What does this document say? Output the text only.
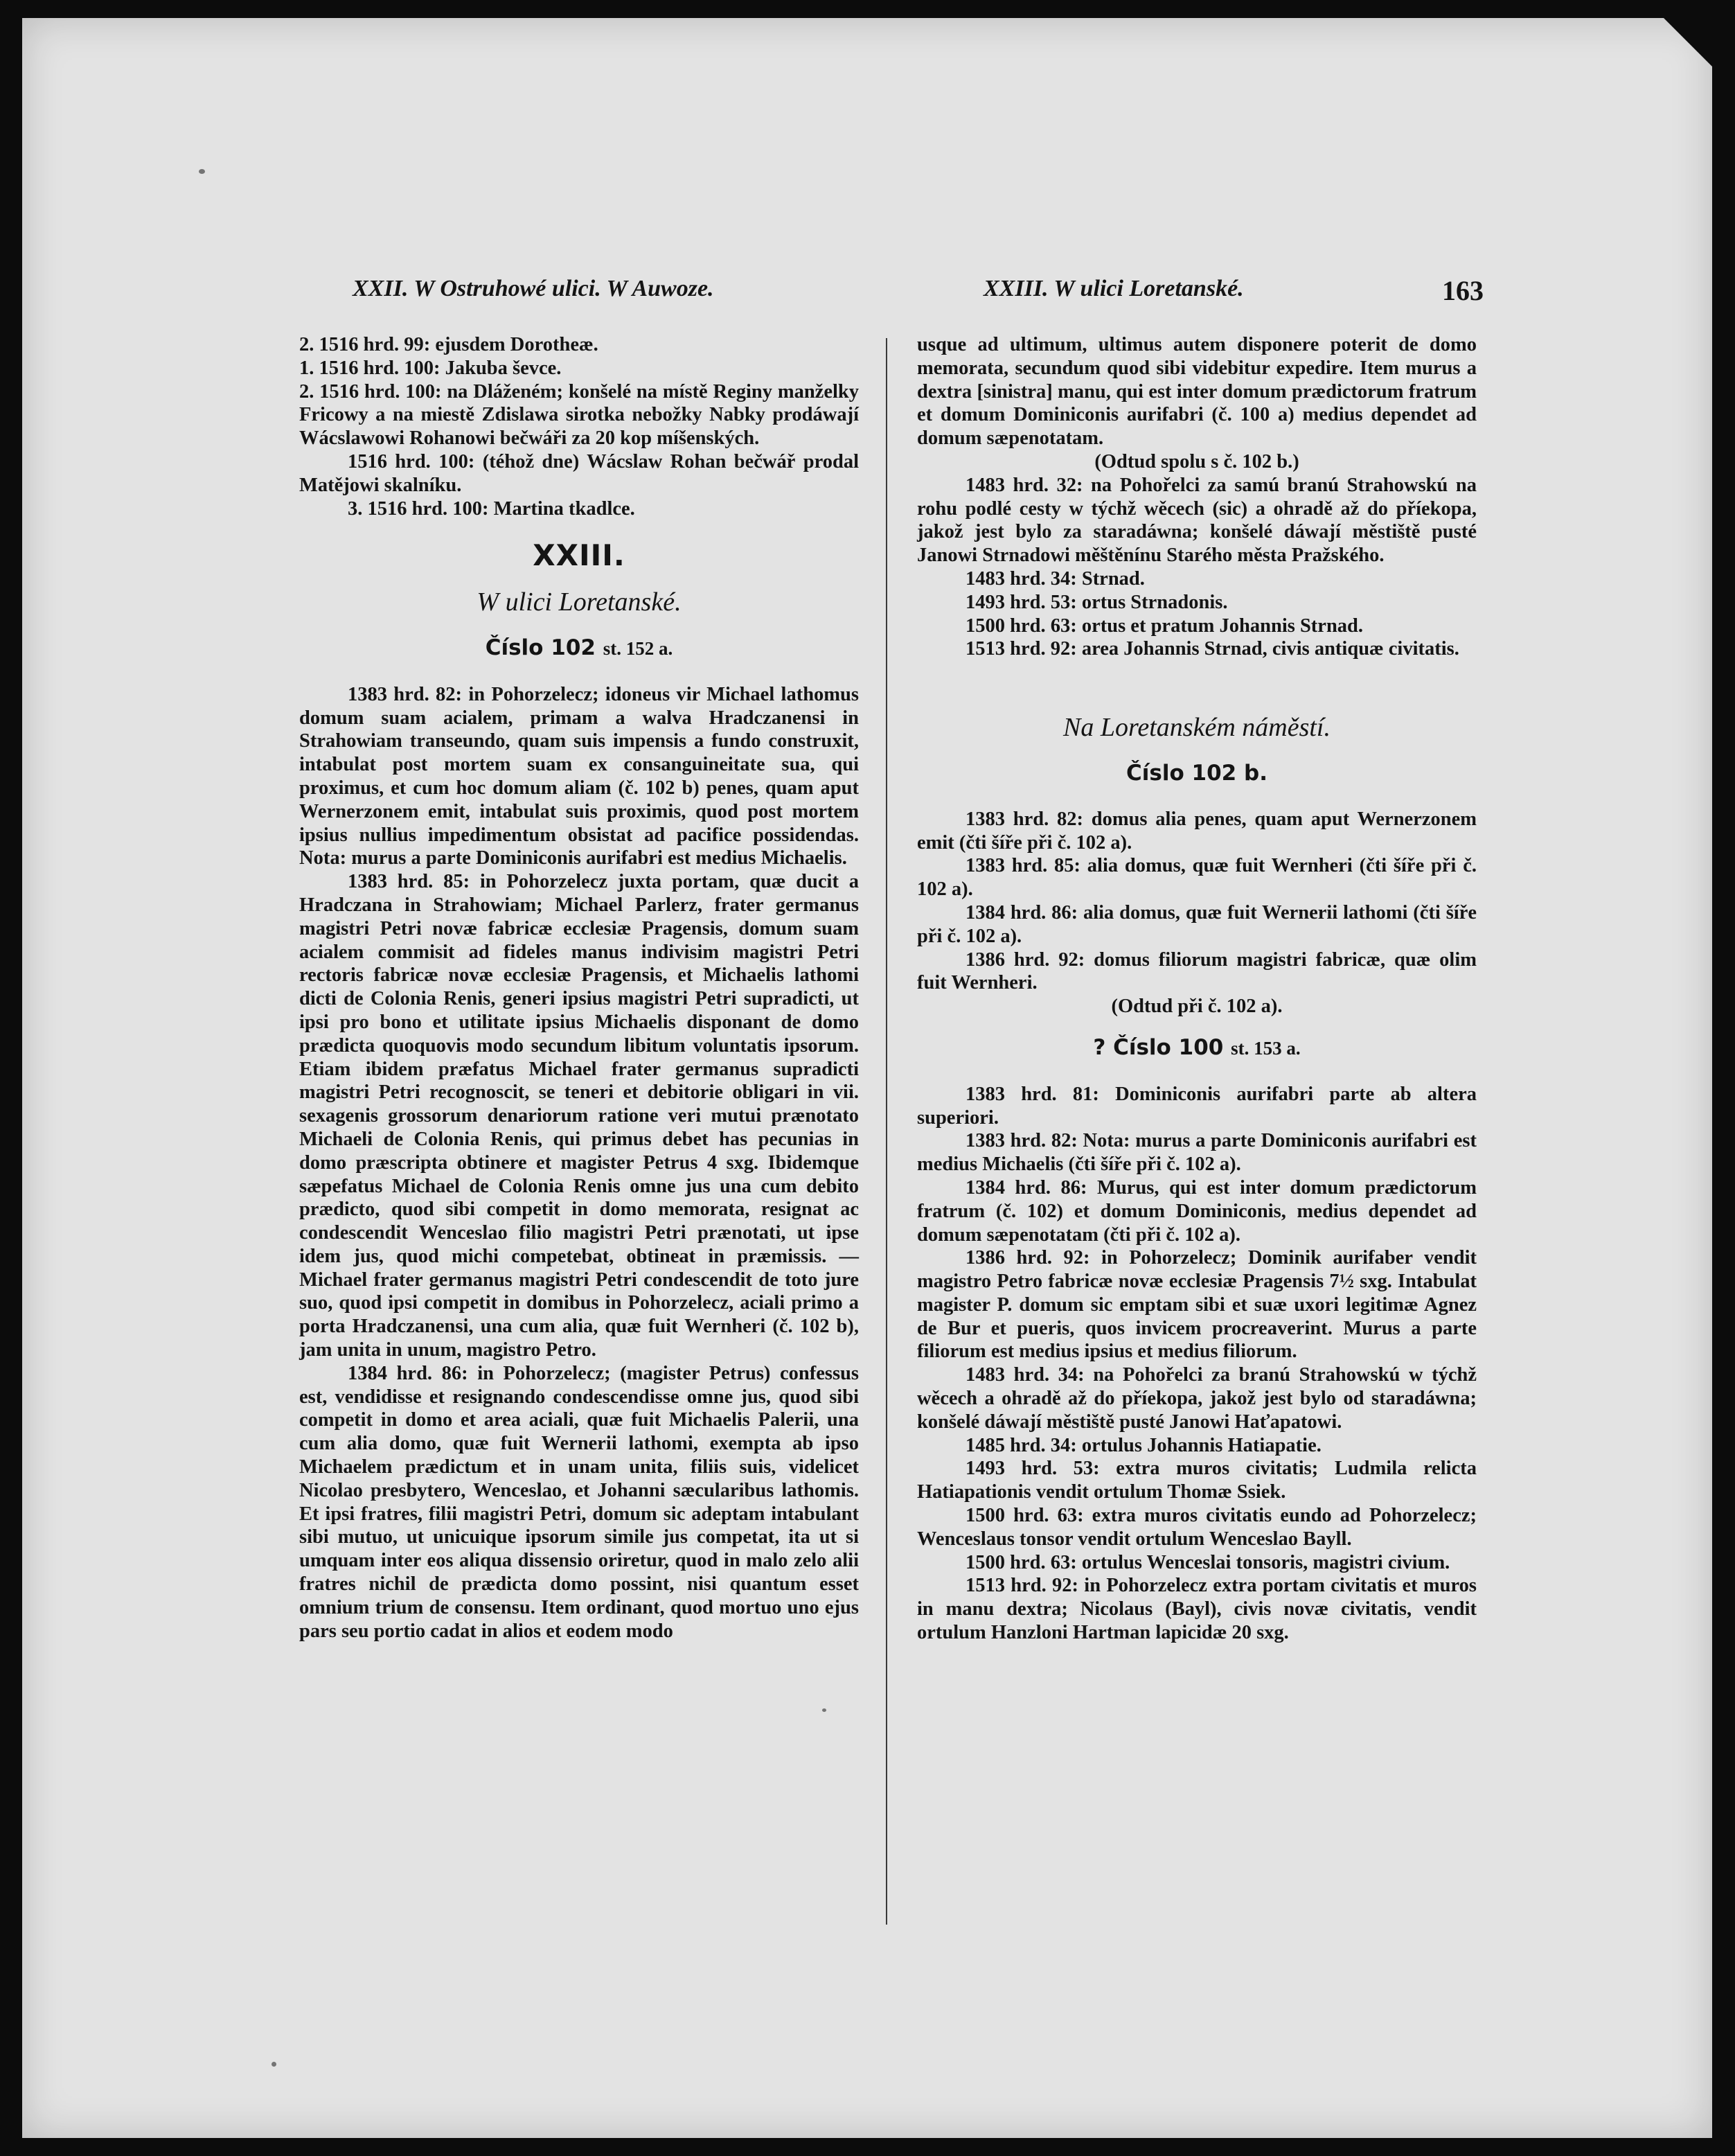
XXII. W Ostruhowé ulici. W Auwoze.	XXIII. W ulici Loretanské.	163

2. 1516 hrd. 99: ejusdem Dorotheæ.

1. 1516 hrd. 100: Jakuba ševce.

2. 1516 hrd. 100: na Dláženém; konšelé na místě Reginy manželky Fricowy a na miestě Zdislawa sirotka nebožky Nabky prodáwají Wácslawowi Rohanowi bečwáři za 20 kop míšenských.

1516 hrd. 100: (téhož dne) Wácslaw Rohan bečwář prodal Matějowi skalníku.

3. 1516 hrd. 100: Martina tkadlce.

XXIII.
W ulici Loretanské.
Číslo 102 st. 152 a.

1383 hrd. 82: in Pohorzelecz; idoneus vir Michael lathomus domum suam acialem, primam a walva Hradczanensi in Strahowiam transeundo, quam suis impensis a fundo construxit, intabulat post mortem suam ex consanguineitate sua, qui proximus, et cum hoc domum aliam (č. 102 b) penes, quam aput Wernerzonem emit, intabulat suis proximis, quod post mortem ipsius nullius impedimentum obsistat ad pacifice possidendas. Nota: murus a parte Dominiconis aurifabri est medius Michaelis.

1383 hrd. 85: in Pohorzelecz juxta portam, quæ ducit a Hradczana in Strahowiam; Michael Parlerz, frater germanus magistri Petri novæ fabricæ ecclesiæ Pragensis, domum suam acialem commisit ad fideles manus indivisim magistri Petri rectoris fabricæ novæ ecclesiæ Pragensis, et Michaelis lathomi dicti de Colonia Renis, generi ipsius magistri Petri supradicti, ut ipsi pro bono et utilitate ipsius Michaelis disponant de domo prædicta quoquovis modo secundum libitum voluntatis ipsorum. Etiam ibidem præfatus Michael frater germanus supradicti magistri Petri recognoscit, se teneri et debitorie obligari in vii. sexagenis grossorum denariorum ratione veri mutui prænotato Michaeli de Colonia Renis, qui primus debet has pecunias in domo præscripta obtinere et magister Petrus 4 sxg. Ibidemque sæpefatus Michael de Colonia Renis omne jus una cum debito prædicto, quod sibi competit in domo memorata, resignat ac condescendit Wenceslao filio magistri Petri prænotati, ut ipse idem jus, quod michi competebat, obtineat in præmissis. — Michael frater germanus magistri Petri condescendit de toto jure suo, quod ipsi competit in domibus in Pohorzelecz, aciali primo a porta Hradczanensi, una cum alia, quæ fuit Wernheri (č. 102 b), jam unita in unum, magistro Petro.

1384 hrd. 86: in Pohorzelecz; (magister Petrus) confessus est, vendidisse et resignando condescendisse omne jus, quod sibi competit in domo et area aciali, quæ fuit Michaelis Palerii, una cum alia domo, quæ fuit Wernerii lathomi, exempta ab ipso Michaelem prædictum et in unam unita, filiis suis, videlicet Nicolao presbytero, Wenceslao, et Johanni sæcularibus lathomis. Et ipsi fratres, filii magistri Petri, domum sic adeptam intabulant sibi mutuo, ut unicuique ipsorum simile jus competat, ita ut si umquam inter eos aliqua dissensio oriretur, quod in malo zelo alii fratres nichil de prædicta domo possint, nisi quantum esset omnium trium de consensu. Item ordinant, quod mortuo uno ejus pars seu portio cadat in alios et eodem modo

usque ad ultimum, ultimus autem disponere poterit de domo memorata, secundum quod sibi videbitur expedire. Item murus a dextra [sinistra] manu, qui est inter domum prædictorum fratrum et domum Dominiconis aurifabri (č. 100 a) medius dependet ad domum sæpenotatam.

(Odtud spolu s č. 102 b.)

1483 hrd. 32: na Pohořelci za samú branú Strahowskú na rohu podlé cesty w týchž wěcech (sic) a ohradě až do příekopa, jakož jest bylo za staradáwna; konšelé dáwají městiště pusté Janowi Strnadowi měštěnínu Starého města Pražského.

1483 hrd. 34: Strnad.

1493 hrd. 53: ortus Strnadonis.

1500 hrd. 63: ortus et pratum Johannis Strnad.

1513 hrd. 92: area Johannis Strnad, civis antiquæ civitatis.

Na Loretanském náměstí.
Číslo 102 b.

1383 hrd. 82: domus alia penes, quam aput Wernerzonem emit (čti šíře při č. 102 a).

1383 hrd. 85: alia domus, quæ fuit Wernheri (čti šíře při č. 102 a).

1384 hrd. 86: alia domus, quæ fuit Wernerii lathomi (čti šíře při č. 102 a).

1386 hrd. 92: domus filiorum magistri fabricæ, quæ olim fuit Wernheri.

(Odtud při č. 102 a).

? Číslo 100 st. 153 a.

1383 hrd. 81: Dominiconis aurifabri parte ab altera superiori.

1383 hrd. 82: Nota: murus a parte Dominiconis aurifabri est medius Michaelis (čti šíře při č. 102 a).

1384 hrd. 86: Murus, qui est inter domum prædictorum fratrum (č. 102) et domum Dominiconis, medius dependet ad domum sæpenotatam (čti při č. 102 a).

1386 hrd. 92: in Pohorzelecz; Dominik aurifaber vendit magistro Petro fabricæ novæ ecclesiæ Pragensis 7½ sxg. Intabulat magister P. domum sic emptam sibi et suæ uxori legitimæ Agnez de Bur et pueris, quos invicem procreaverint. Murus a parte filiorum est medius ipsius et medius filiorum.

1483 hrd. 34: na Pohořelci za branú Strahowskú w týchž wěcech a ohradě až do příekopa, jakož jest bylo od staradáwna; konšelé dáwají městiště pusté Janowi Haťapatowi.

1485 hrd. 34: ortulus Johannis Hatiapatie.

1493 hrd. 53: extra muros civitatis; Ludmila relicta Hatiapationis vendit ortulum Thomæ Ssiek.

1500 hrd. 63: extra muros civitatis eundo ad Pohorzelecz; Wenceslaus tonsor vendit ortulum Wenceslao Bayll.

1500 hrd. 63: ortulus Wenceslai tonsoris, magistri civium.

1513 hrd. 92: in Pohorzelecz extra portam civitatis et muros in manu dextra; Nicolaus (Bayl), civis novæ civitatis, vendit ortulum Hanzloni Hartman lapicidæ 20 sxg.
